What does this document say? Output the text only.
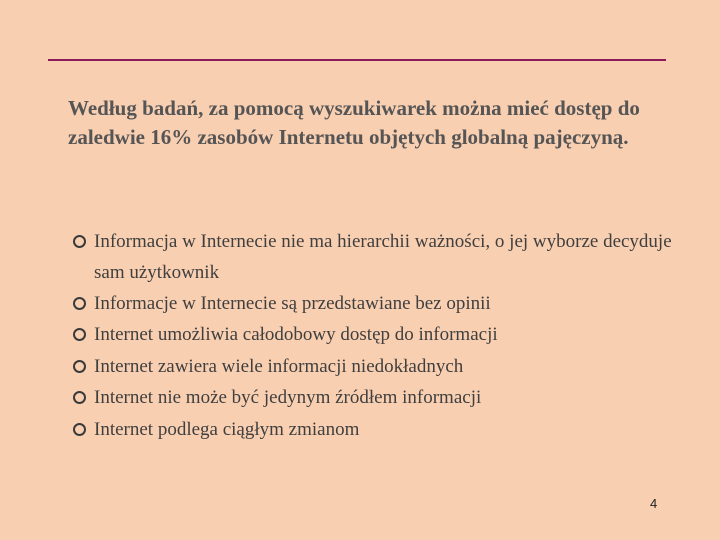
Według badań, za pomocą wyszukiwarek można mieć dostęp do zaledwie 16% zasobów Internetu objętych globalną pajęczyną.
Informacja w Internecie nie ma hierarchii ważności, o jej wyborze decyduje sam użytkownik
Informacje w Internecie są przedstawiane bez opinii
Internet umożliwia całodobowy dostęp do informacji
Internet zawiera wiele informacji niedokładnych
Internet nie może być jedynym źródłem informacji
Internet podlega ciągłym zmianom
4
